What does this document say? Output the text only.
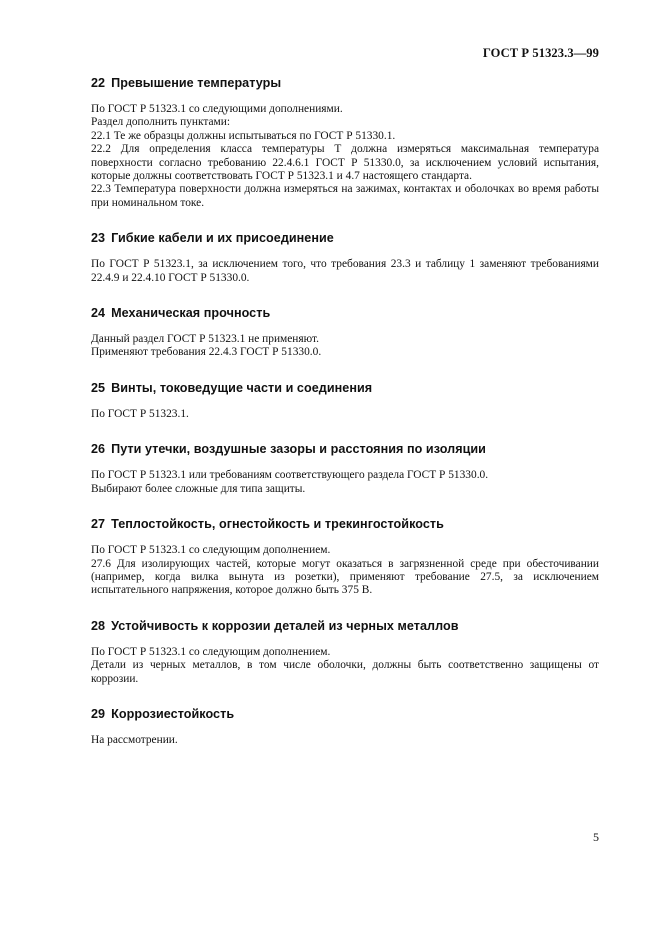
ГОСТ Р 51323.3—99
22 Превышение температуры

По ГОСТ Р 51323.1 со следующими дополнениями.

Раздел дополнить пунктами:

22.1 Те же образцы должны испытываться по ГОСТ Р 51330.1.

22.2 Для определения класса температуры Т должна измеряться максимальная температура поверхности согласно требованию 22.4.6.1 ГОСТ Р 51330.0, за исключением условий испытания, которые должны соответствовать ГОСТ Р 51323.1 и 4.7 настоящего стандарта.

22.3 Температура поверхности должна измеряться на зажимах, контактах и оболочках во время работы при номинальном токе.

23 Гибкие кабели и их присоединение

По ГОСТ Р 51323.1, за исключением того, что требования 23.3 и таблицу 1 заменяют требованиями 22.4.9 и 22.4.10 ГОСТ Р 51330.0.

24 Механическая прочность

Данный раздел ГОСТ Р 51323.1 не применяют.

Применяют требования 22.4.3 ГОСТ Р 51330.0.

25 Винты, токоведущие части и соединения

По ГОСТ Р 51323.1.

26 Пути утечки, воздушные зазоры и расстояния по изоляции

По ГОСТ Р 51323.1 или требованиям соответствующего раздела ГОСТ Р 51330.0.

Выбирают более сложные для типа защиты.

27 Теплостойкость, огнестойкость и трекингостойкость

По ГОСТ Р 51323.1 со следующим дополнением.

27.6 Для изолирующих частей, которые могут оказаться в загрязненной среде при обесточивании (например, когда вилка вынута из розетки), применяют требование 27.5, за исключением испытательного напряжения, которое должно быть 375 В.

28 Устойчивость к коррозии деталей из черных металлов

По ГОСТ Р 51323.1 со следующим дополнением.

Детали из черных металлов, в том числе оболочки, должны быть соответственно защищены от коррозии.

29 Коррозиестойкость

На рассмотрении.

5
